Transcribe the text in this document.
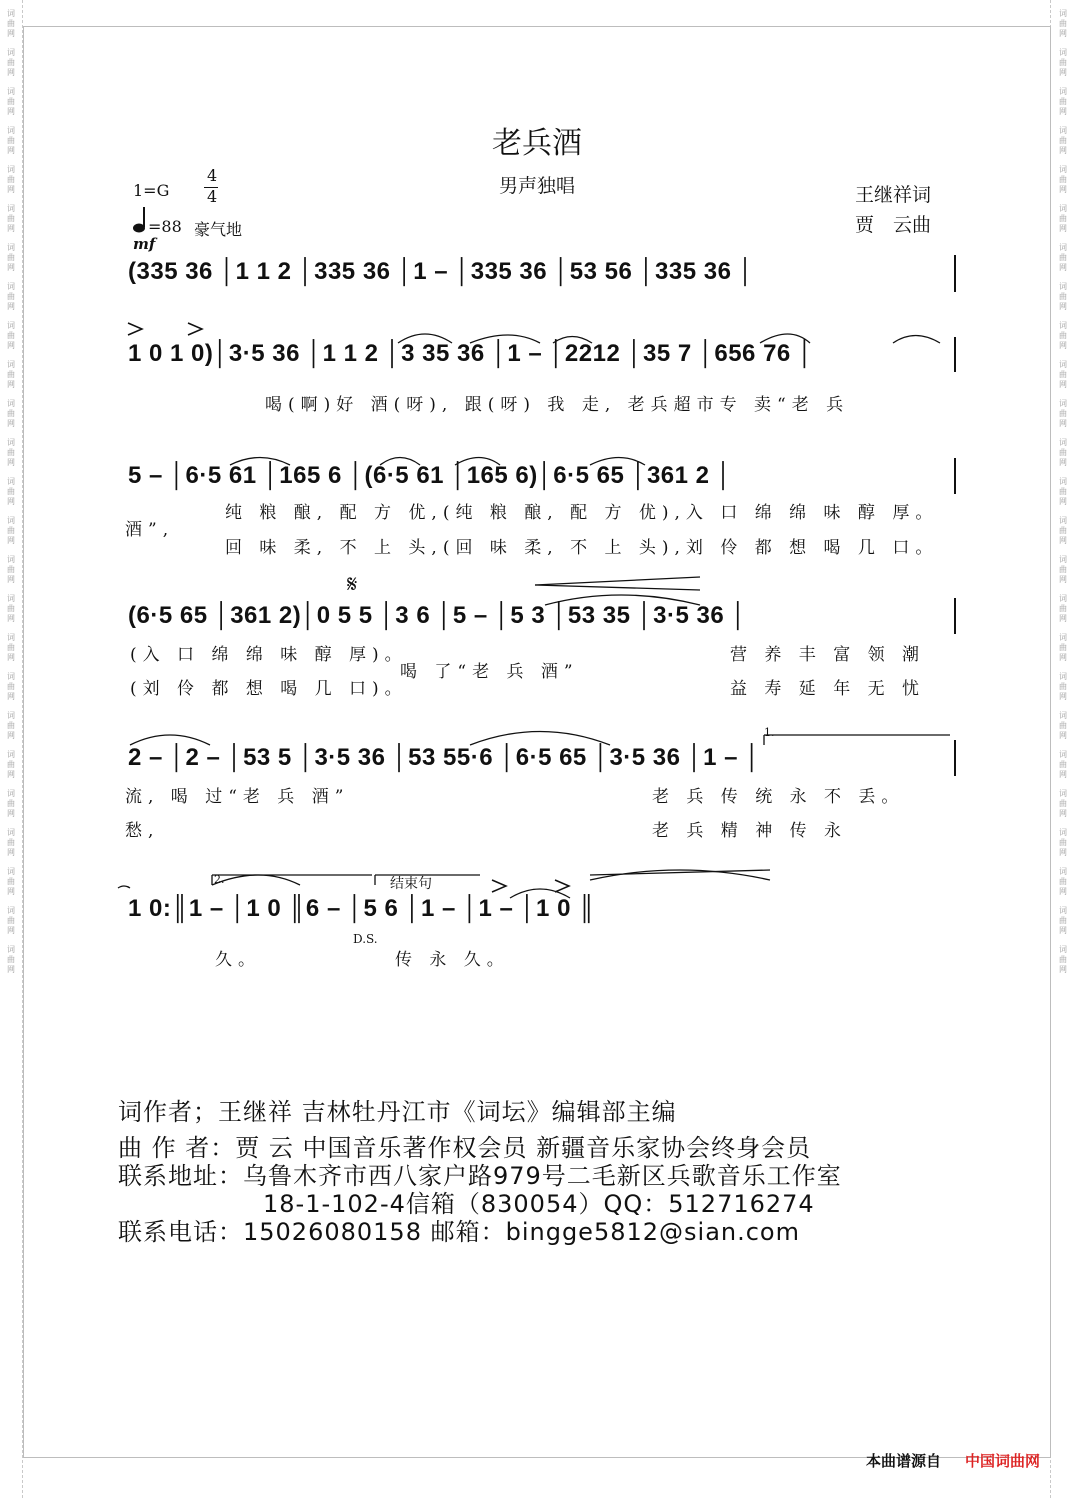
词
曲
网
词
曲
网
词
曲
网
词
曲
网
词
曲
网
词
曲
网
词
曲
网
词
曲
网
词
曲
网
词
曲
网
词
曲
网
词
曲
网
词
曲
网
词
曲
网
词
曲
网
词
曲
网
词
曲
网
词
曲
网
词
曲
网
词
曲
网
词
曲
网
词
曲
网
词
曲
网
词
曲
网
词
曲
网
词
曲
网
词
曲
网
词
曲
网
词
曲
网
词
曲
网
词
曲
网
词
曲
网
词
曲
网
词
曲
网
词
曲
网
词
曲
网
词
曲
网
词
曲
网
词
曲
网
词
曲
网
词
曲
网
词
曲
网
词
曲
网
词
曲
网
词
曲
网
词
曲
网
词
曲
网
词
曲
网
词
曲
网
词
曲
网
老兵酒
男声独唱
1=G
4
4
=88 豪气地
mf
王继祥词
贾　云曲
(335 36 │1 1 2 │335 36 │1 – │335 36 │53 56 │335 36 │
1 0 1 0)│3·5 36 │1 1 2 │3 35 36 │1 – │2212 │35 7 │656 76 │
喝(啊)好 酒(呀), 跟(呀) 我 走, 老兵超市专 卖“老 兵
5 – │6·5 61 │165 6 │(6·5 61 │165 6)│6·5 65 │361 2 │
酒”,
纯 粮 酿, 配 方 优,(纯 粮 酿, 配 方 优),入 口 绵 绵 味 醇 厚。
回 味 柔, 不 上 头,(回 味 柔, 不 上 头),刘 伶 都 想 喝 几 口。
𝄋
(6·5 65 │361 2)│0 5 5 │3 6 │5 – │5 3 │53 35 │3·5 36 │
(入 口 绵 绵 味 醇 厚)。
(刘 伶 都 想 喝 几 口)。
喝 了“老 兵 酒”
营 养 丰 富 领 潮
益 寿 延 年 无 忧
1.
2 – │2 – │53 5 │3·5 36 │53 55·6 │6·5 65 │3·5 36 │1 – │
流, 喝 过“老 兵 酒”
愁,
老 兵 传 统 永 不 丢。
老 兵 精 神 传 永
2.	结束句
1 0:║1 – │1 0 ║6 – │5 6 │1 – │1 – │1 0 ║
D.S.
久。	传 永 久。
词作者；王继祥 吉林牡丹江市《词坛》编辑部主编
曲 作 者：贾 云 中国音乐著作权会员 新疆音乐家协会终身会员
联系地址：乌鲁木齐市西八家户路979号二毛新区兵歌音乐工作室
18-1-102-4信箱（830054）QQ：512716274
联系电话：15026080158 邮箱：bingge5812@sian.com
本曲谱源自 中国词曲网
